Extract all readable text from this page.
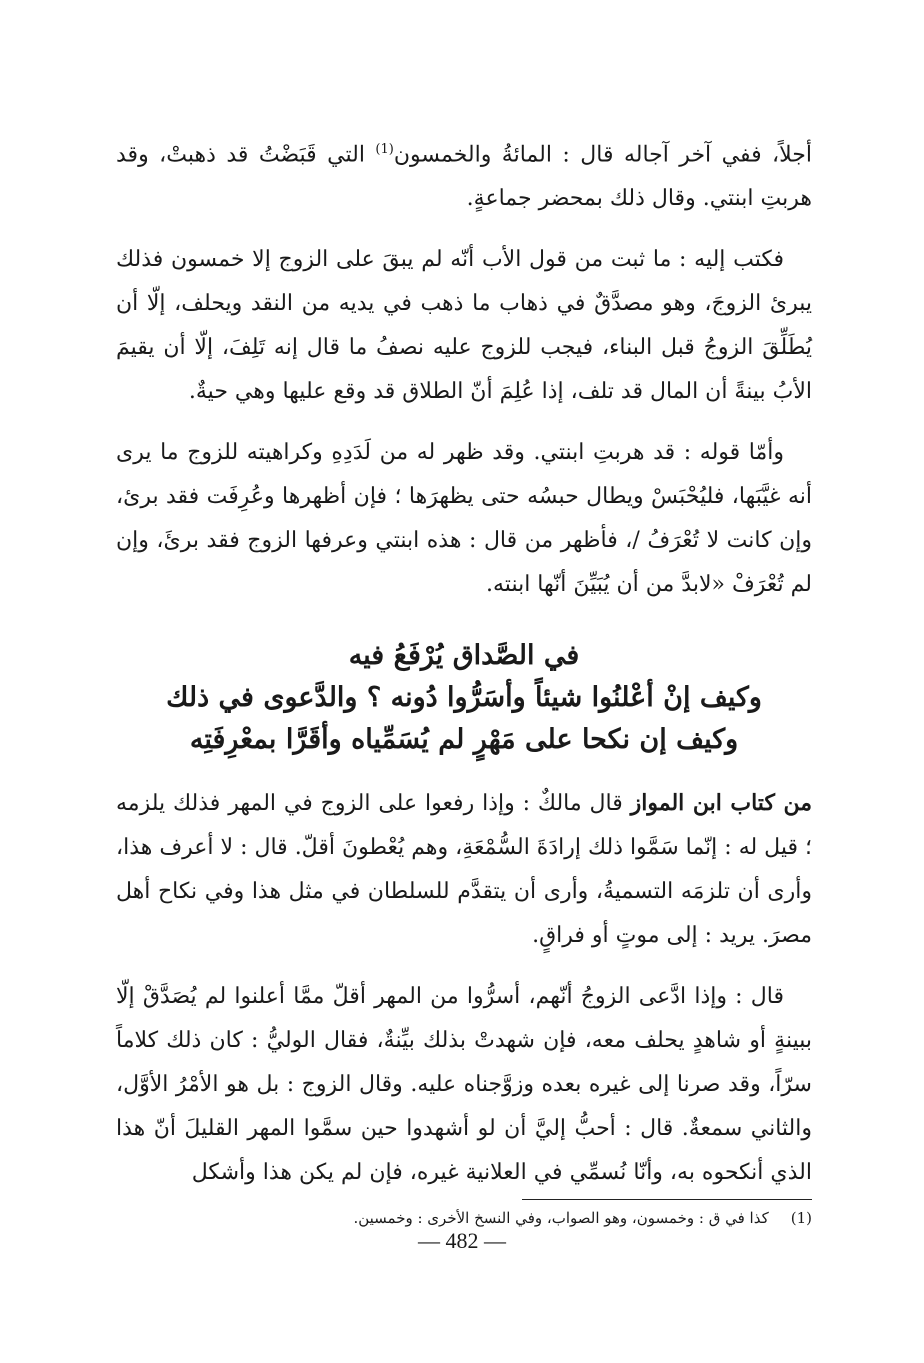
أجلاً، ففي آخر آجاله قال : المائةُ والخمسون$^{(1)}$ التي قَبَضْتُ قد ذهبتْ، وقد هربتِ ابنتي. وقال ذلك بمحضر جماعةٍ.

فكتب إليه : ما ثبت من قول الأب أنّه لم يبقَ على الزوج إلا خمسون فذلك يبرئ الزوجَ، وهو مصدَّقٌ في ذهاب ما ذهب في يديه من النقد ويحلف، إلّا أن يُطَلِّقَ الزوجُ قبل البناء، فيجب للزوج عليه نصفُ ما قال إنه تَلِفَ، إلّا أن يقيمَ الأبُ بينةً أن المال قد تلف، إذا عُلِمَ أنّ الطلاق قد وقع عليها وهي حيةٌ.

وأمّا قوله : قد هربتِ ابنتي. وقد ظهر له من لَدَدِهِ وكراهيته للزوج ما يرى أنه غيَّبَها، فليُحْبَسْ ويطال حبسُه حتى يظهرَها ؛ فإن أظهرها وعُرِفَت فقد برئ، وإن كانت لا تُعْرَفُ /، فأظهر من قال : هذه ابنتي وعرفها الزوج فقد برئَ، وإن لم تُعْرَفْ «لابدَّ من أن يُبَيِّنَ أنّها ابنته.

في الصَّداق يُرْفَعُ فيه
وكيف إنْ أعْلنُوا شيئاً وأسَرُّوا دُونه ؟ والدَّعوى في ذلك
وكيف إن نكحا على مَهْرٍ لم يُسَمِّياه وأقَرَّا بمعْرِفَتِه

من كتاب ابن المواز قال مالكٌ : وإذا رفعوا على الزوج في المهر فذلك يلزمه ؛ قيل له : إنّما سَمَّوا ذلك إرادَةَ السُّمْعَةِ، وهم يُعْطونَ أقلّ. قال : لا أعرف هذا، وأرى أن تلزمَه التسميةُ، وأرى أن يتقدَّم للسلطان في مثل هذا وفي نكاح أهل مصرَ. يريد : إلى موتٍ أو فراقٍ.

قال : وإذا ادَّعى الزوجُ أنّهم، أسرُّوا من المهر أقلّ ممَّا أعلنوا لم يُصَدَّقْ إلّا ببينةٍ أو شاهدٍ يحلف معه، فإن شهدتْ بذلك بيِّنةٌ، فقال الوليُّ : كان ذلك كلاماً سرّاً، وقد صرنا إلى غيره بعده وزوَّجناه عليه. وقال الزوج : بل هو الأمْرُ الأوَّل، والثاني سمعةٌ. قال : أحبُّ إليَّ أن لو أشهدوا حين سمَّوا المهر القليلَ أنّ هذا الذي أنكحوه به، وأنّا نُسمِّي في العلانية غيره، فإن لم يكن هذا وأشكل

(1)كذا في ق : وخمسون، وهو الصواب، وفي النسخ الأخرى : وخمسين.

— 482 —
